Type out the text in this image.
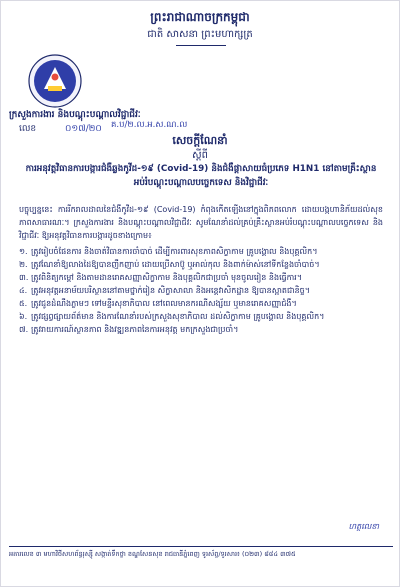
ព្រះរាជាណាចក្រកម្ពុជា
ជាតិ សាសនា ព្រះមហាក្សត្រ
ក្រសួងការងារ និងបណ្តុះបណ្តាលវិជ្ជាជីវៈ
លេខ	០១៧/២០	គ.ប/២.ល.អ.ស.ណ.ល
សេចក្តីណែនាំ
ស្តីពី
ការអនុវត្តវិធានការបង្ការជំងឺឆ្លងកូវីដ-១៩ (Covid-19) និងជំងឺផ្តាសាយធំប្រភេទ H1N1 នៅតាមគ្រឹះស្ថានអប់រំបណ្តុះបណ្តាលបច្ចេកទេស និងវិជ្ជាជីវៈ

បច្ចុប្បន្ននេះ ការរីករាលដាលនៃជំងឺកូវីដ-១៩ (Covid-19) កំពុងកើតឡើងនៅក្នុងពិភពលោក ដោយបង្កហានិភ័យដល់សុខភាពសាធារណៈ។ ក្រសួងការងារ និងបណ្តុះបណ្តាលវិជ្ជាជីវៈ សូមណែនាំដល់គ្រប់គ្រឹះស្ថានអប់រំបណ្តុះបណ្តាលបច្ចេកទេស និងវិជ្ជាជីវៈ ឱ្យអនុវត្តវិធានការបង្ការដូចខាងក្រោម៖

១. ត្រូវរៀបចំផែនការ និងចាត់វិធានការចាំបាច់ ដើម្បីការពារសុខភាពសិក្ខាកាម គ្រូបង្គោល និងបុគ្គលិក។

២. ត្រូវណែនាំឱ្យលាងដៃឱ្យបានញឹកញាប់ ដោយប្រើសាប៊ូ ឬអាល់កុល និងពាក់ម៉ាស់នៅទីកន្លែងចាំបាច់។

៣. ត្រូវពិនិត្យកម្តៅ និងតាមដានរោគសញ្ញាសិក្ខាកាម និងបុគ្គលិកជាប្រចាំ មុនចូលរៀន និងធ្វើការ។

៤. ត្រូវអនុវត្តអនាម័យបរិស្ថាននៅតាមថ្នាក់រៀន សិក្ខាសាលា និងអន្តេវាសិកដ្ឋាន ឱ្យបានស្អាតជានិច្ច។

៥. ត្រូវជូនដំណឹងភ្លាមៗ ទៅមន្ទីរសុខាភិបាល នៅពេលមានករណីសង្ស័យ ឬមានរោគសញ្ញាជំងឺ។

៦. ត្រូវផ្សព្វផ្សាយព័ត៌មាន និងការណែនាំរបស់ក្រសួងសុខាភិបាល ដល់សិក្ខាកាម គ្រូបង្គោល និងបុគ្គលិក។

៧. ត្រូវរាយការណ៍ស្ថានភាព និងវឌ្ឍនភាពនៃការអនុវត្ត មកក្រសួងជាប្រចាំ។

ហត្ថលេខា
អគារលេខ ៣ មហាវិថីសហព័ន្ធរុស្ស៊ី សង្កាត់ទឹកថ្លា ខណ្ឌសែនសុខ រាជធានីភ្នំពេញ ទូរស័ព្ទ/ទូរសារ៖ (០២៣) ៨៨៤ ៣៧៥
